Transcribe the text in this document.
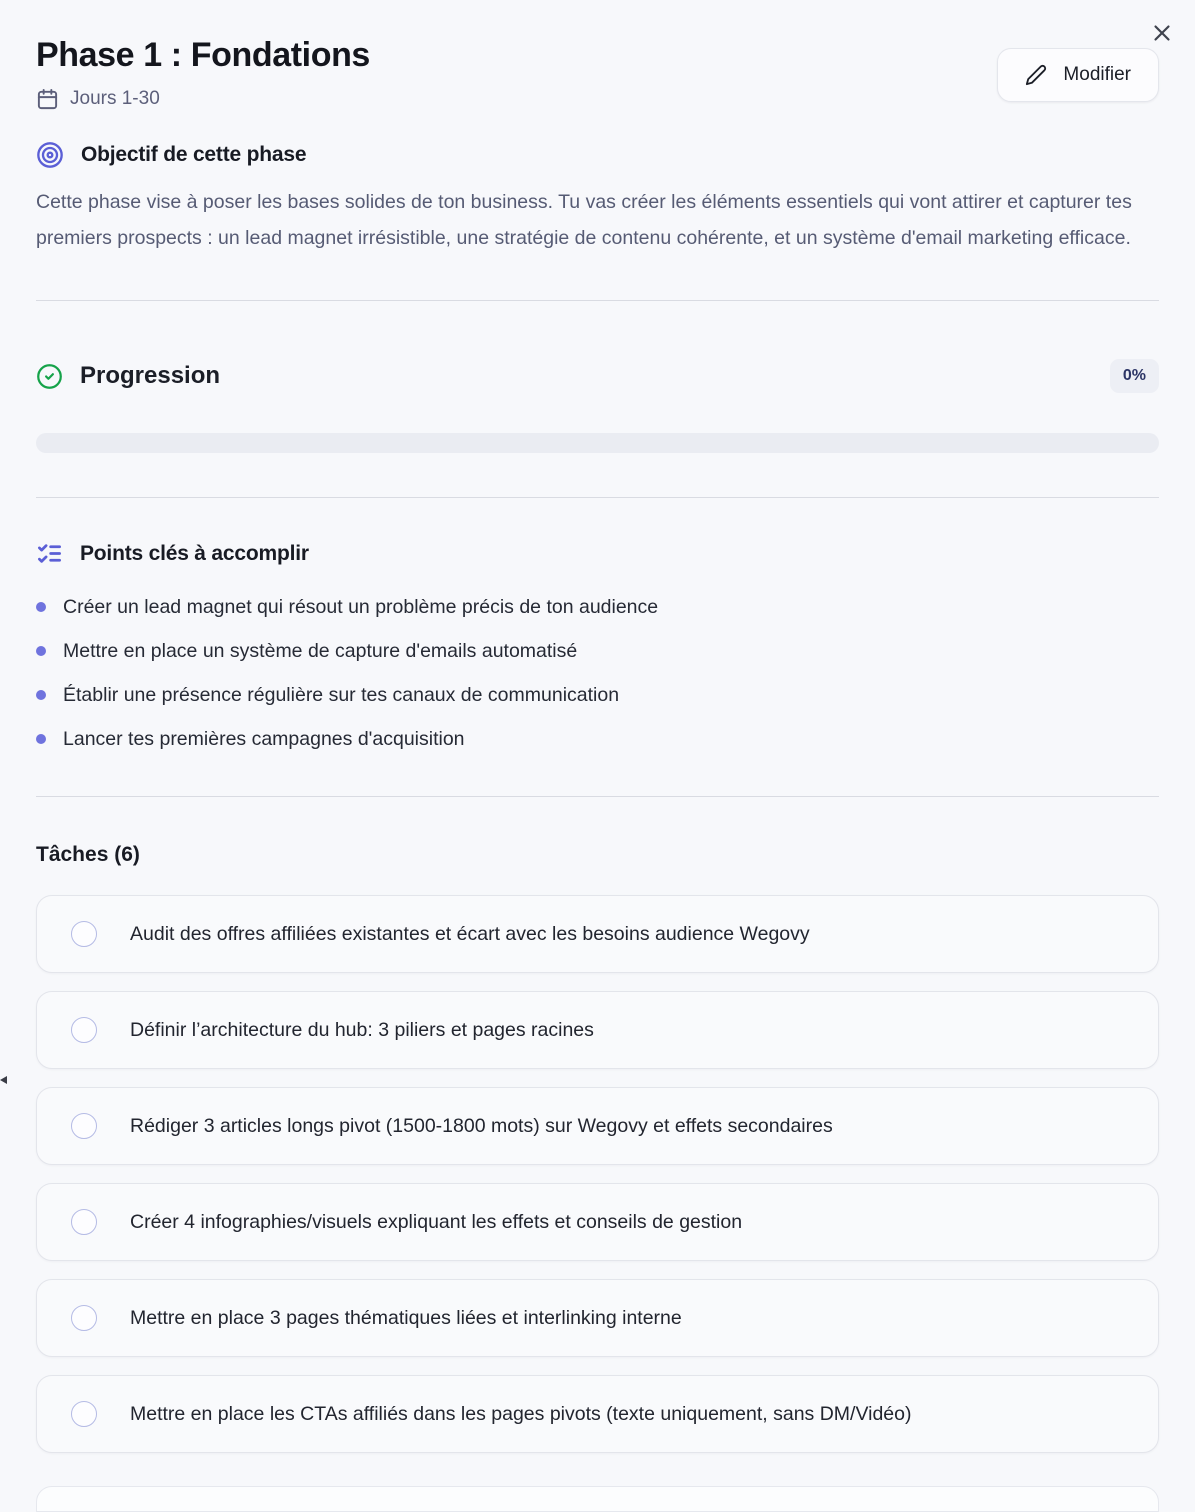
Phase 1 : Fondations
Jours 1-30
Modifier
Objectif de cette phase

Cette phase vise à poser les bases solides de ton business. Tu vas créer les éléments essentiels qui vont attirer et capturer tes premiers prospects : un lead magnet irrésistible, une stratégie de contenu cohérente, et un système d'email marketing efficace.

Progression	0%
Points clés à accomplir
Créer un lead magnet qui résout un problème précis de ton audience
Mettre en place un système de capture d'emails automatisé
Établir une présence régulière sur tes canaux de communication
Lancer tes premières campagnes d'acquisition
Tâches (6)
Audit des offres affiliées existantes et écart avec les besoins audience Wegovy
Définir l’architecture du hub: 3 piliers et pages racines
Rédiger 3 articles longs pivot (1500-1800 mots) sur Wegovy et effets secondaires
Créer 4 infographies/visuels expliquant les effets et conseils de gestion
Mettre en place 3 pages thématiques liées et interlinking interne
Mettre en place les CTAs affiliés dans les pages pivots (texte uniquement, sans DM/Vidéo)
